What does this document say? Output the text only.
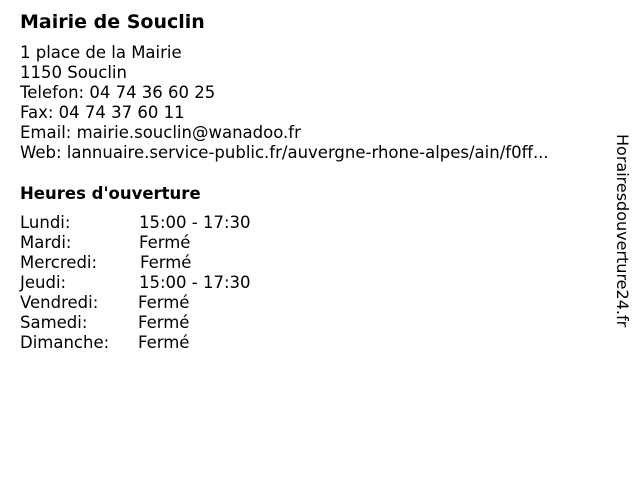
Mairie de Souclin
1 place de la Mairie
1150 Souclin
Telefon: 04 74 36 60 25
Fax: 04 74 37 60 11
Email: mairie.souclin@wanadoo.fr
Web: lannuaire.service-public.fr/auvergne-rhone-alpes/ain/f0ff...
Heures d'ouverture
Lundi:	15:00 - 17:30
Mardi:	Fermé
Mercredi:	Fermé
Jeudi:	15:00 - 17:30
Vendredi: Fermé
Samedi:	Fermé
Dimanche: Fermé
Horairesdouverture24.fr
